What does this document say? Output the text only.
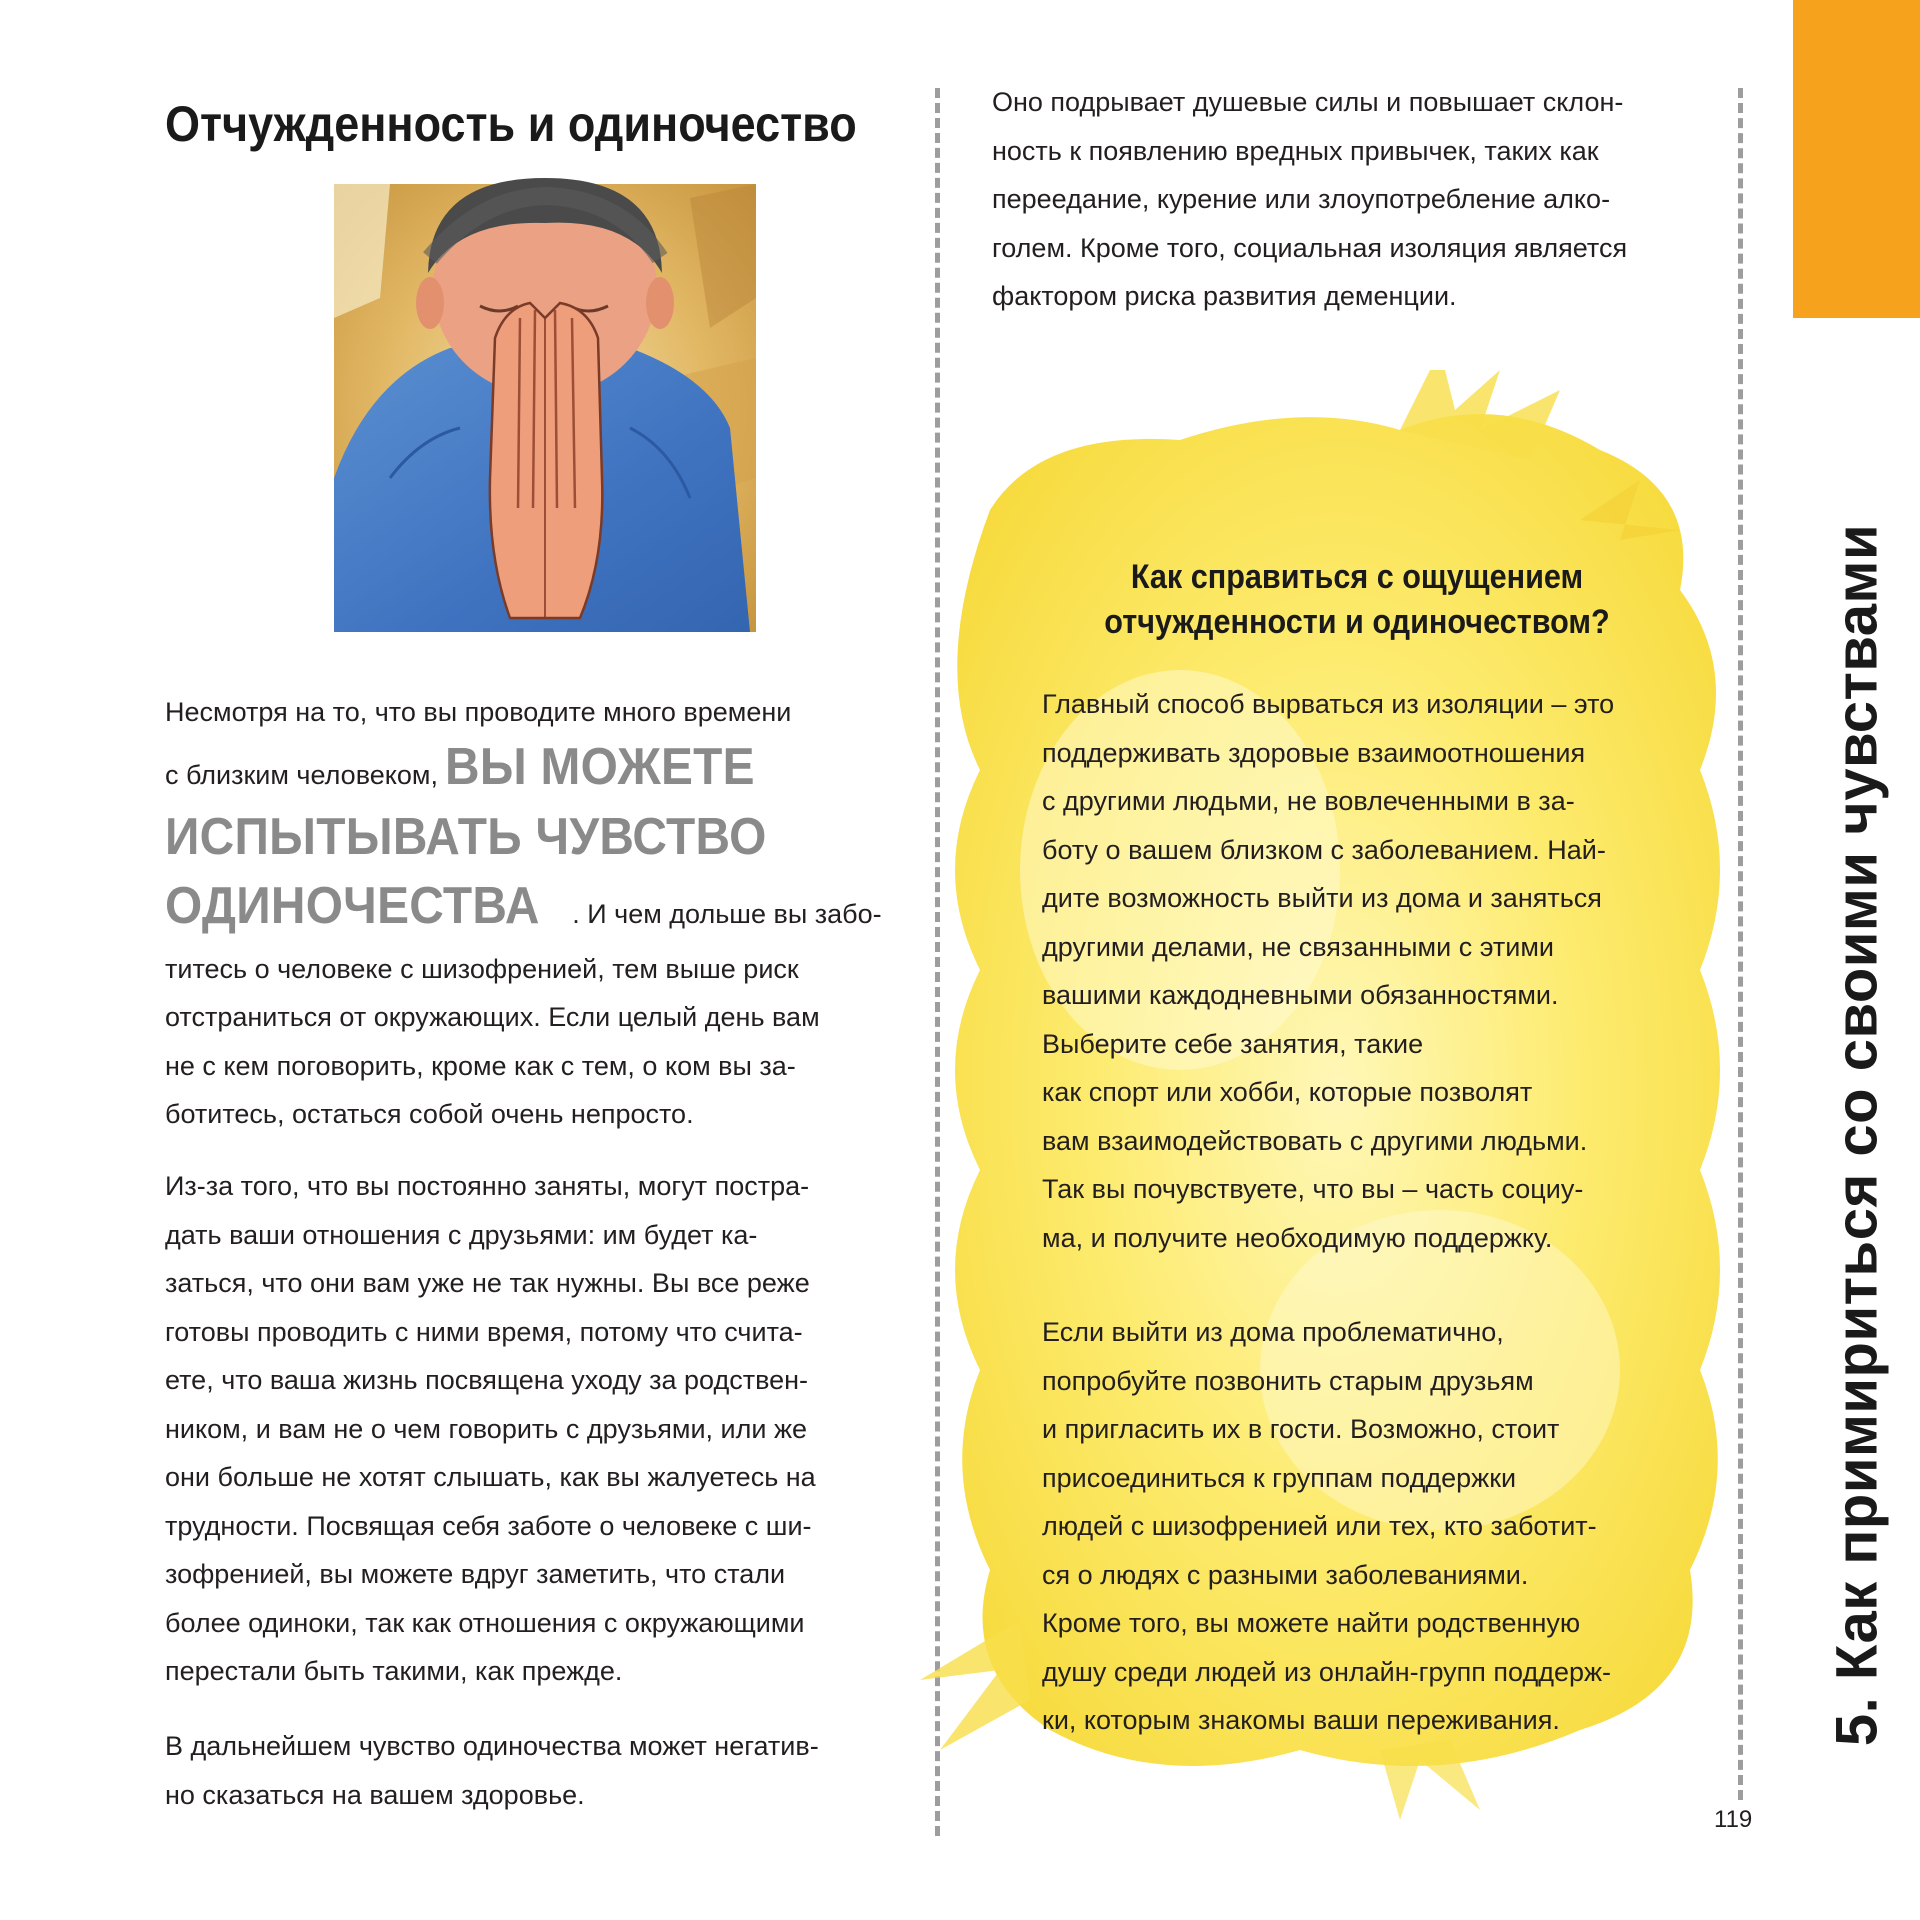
5. Как примириться со своими чувствами
Отчужденность и одиночество
Несмотря на то, что вы проводите много времени
с близким человеком, ВЫ МОЖЕТЕ
ИСПЫТЫВАТЬ ЧУВСТВО
ОДИНОЧЕСТВА . И чем дольше вы забо-
титесь о человеке с шизофренией, тем выше риск
отстраниться от окружающих. Если целый день вам
не с кем поговорить, кроме как с тем, о ком вы за-
ботитесь, остаться собой очень непросто.
Из-за того, что вы постоянно заняты, могут пострa-
дать ваши отношения с друзьями: им будет ка-
заться, что они вам уже не так нужны. Вы все реже
готовы проводить с ними время, потому что счита-
ете, что ваша жизнь посвящена уходу за родствен-
ником, и вам не о чем говорить с друзьями, или же
они больше не хотят слышать, как вы жалуетесь на
трудности. Посвящая себя заботе о человеке с ши-
зофренией, вы можете вдруг заметить, что стали
более одиноки, так как отношения с окружающими
перестали быть такими, как прежде.
В дальнейшем чувство одиночества может негатив-
но сказаться на вашем здоровье.
Оно подрывает душевые силы и повышает склон-
ность к появлению вредных привычек, таких как
переедание, курение или злоупотребление алко-
голем. Кроме того, социальная изоляция является
фактором риска развития деменции.
Как справиться с ощущением
отчужденности и одиночеством?
Главный способ вырваться из изоляции – это
поддерживать здоровые взаимоотношения
с другими людьми, не вовлеченными в за-
боту о вашем близком с заболеванием. Най-
дите возможность выйти из дома и заняться
другими делами, не связанными с этими
вашими каждодневными обязанностями.
Выберите себе занятия, такие
как спорт или хобби, которые позволят
вам взаимодействовать с другими людьми.
Так вы почувствуете, что вы – часть социу-
ма, и получите необходимую поддержку.
Если выйти из дома проблематично,
попробуйте позвонить старым друзьям
и пригласить их в гости. Возможно, стоит
присоединиться к группам поддержки
людей с шизофренией или тех, кто заботит-
ся о людях с разными заболеваниями.
Кроме того, вы можете найти родственную
душу среди людей из онлайн-групп поддерж-
ки, которым знакомы ваши переживания.
119
